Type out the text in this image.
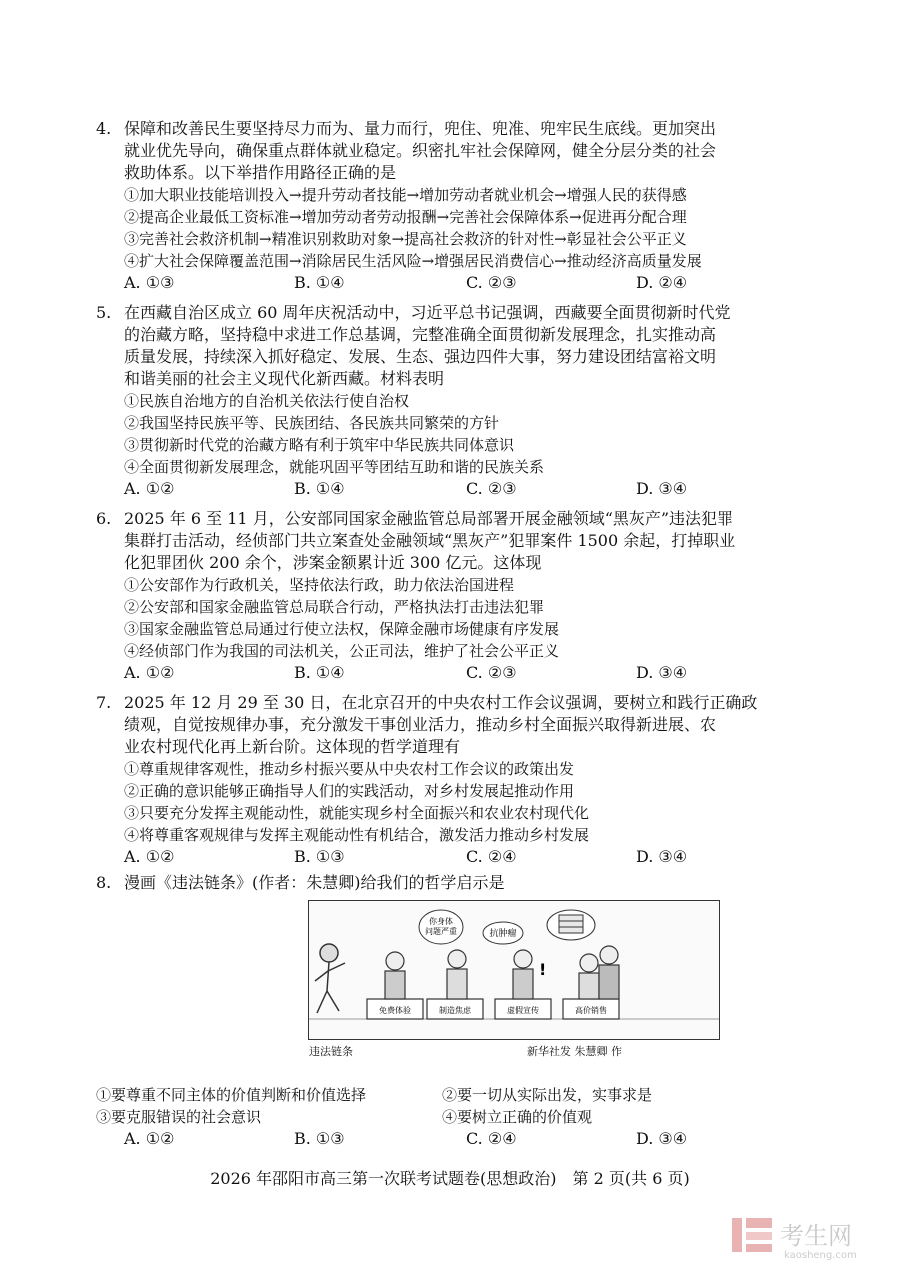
4. 保障和改善民生要坚持尽力而为、量力而行，兜住、兜准、兜牢民生底线。更加突出
就业优先导向，确保重点群体就业稳定。织密扎牢社会保障网，健全分层分类的社会
救助体系。以下举措作用路径正确的是
①加大职业技能培训投入→提升劳动者技能→增加劳动者就业机会→增强人民的获得感
②提高企业最低工资标准→增加劳动者劳动报酬→完善社会保障体系→促进再分配合理
③完善社会救济机制→精准识别救助对象→提高社会救济的针对性→彰显社会公平正义
④扩大社会保障覆盖范围→消除居民生活风险→增强居民消费信心→推动经济高质量发展
A. ①③	B. ①④	C. ②③	D. ②④
5. 在西藏自治区成立 60 周年庆祝活动中，习近平总书记强调，西藏要全面贯彻新时代党
的治藏方略，坚持稳中求进工作总基调，完整准确全面贯彻新发展理念，扎实推动高
质量发展，持续深入抓好稳定、发展、生态、强边四件大事，努力建设团结富裕文明
和谐美丽的社会主义现代化新西藏。材料表明
①民族自治地方的自治机关依法行使自治权
②我国坚持民族平等、民族团结、各民族共同繁荣的方针
③贯彻新时代党的治藏方略有利于筑牢中华民族共同体意识
④全面贯彻新发展理念，就能巩固平等团结互助和谐的民族关系
A. ①②	B. ①④	C. ②③	D. ③④
6. 2025 年 6 至 11 月，公安部同国家金融监管总局部署开展金融领域“黑灰产”违法犯罪
集群打击活动，经侦部门共立案查处金融领域“黑灰产”犯罪案件 1500 余起，打掉职业
化犯罪团伙 200 余个，涉案金额累计近 300 亿元。这体现
①公安部作为行政机关，坚持依法行政，助力依法治国进程
②公安部和国家金融监管总局联合行动，严格执法打击违法犯罪
③国家金融监管总局通过行使立法权，保障金融市场健康有序发展
④经侦部门作为我国的司法机关，公正司法，维护了社会公平正义
A. ①②	B. ①④	C. ②③	D. ③④
7. 2025 年 12 月 29 至 30 日，在北京召开的中央农村工作会议强调，要树立和践行正确政
绩观，自觉按规律办事，充分激发干事创业活力，推动乡村全面振兴取得新进展、农
业农村现代化再上新台阶。这体现的哲学道理有
①尊重规律客观性，推动乡村振兴要从中央农村工作会议的政策出发
②正确的意识能够正确指导人们的实践活动，对乡村发展起推动作用
③只要充分发挥主观能动性，就能实现乡村全面振兴和农业农村现代化
④将尊重客观规律与发挥主观能动性有机结合，激发活力推动乡村发展
A. ①②	B. ①③	C. ②④	D. ③④
8. 漫画《违法链条》(作者：朱慧卿)给我们的哲学启示是
你身体
问题严重	抗肿瘤
!
免费体验	制造焦虑	虚假宣传	高价销售
违法链条	新华社发 朱慧卿 作
①要尊重不同主体的价值判断和价值选择	②要一切从实际出发，实事求是
③要克服错误的社会意识	④要树立正确的价值观
A. ①②	B. ①③	C. ②④	D. ③④
2026 年邵阳市高三第一次联考试题卷(思想政治)　第 2 页(共 6 页)
考生网
kaosheng.com
